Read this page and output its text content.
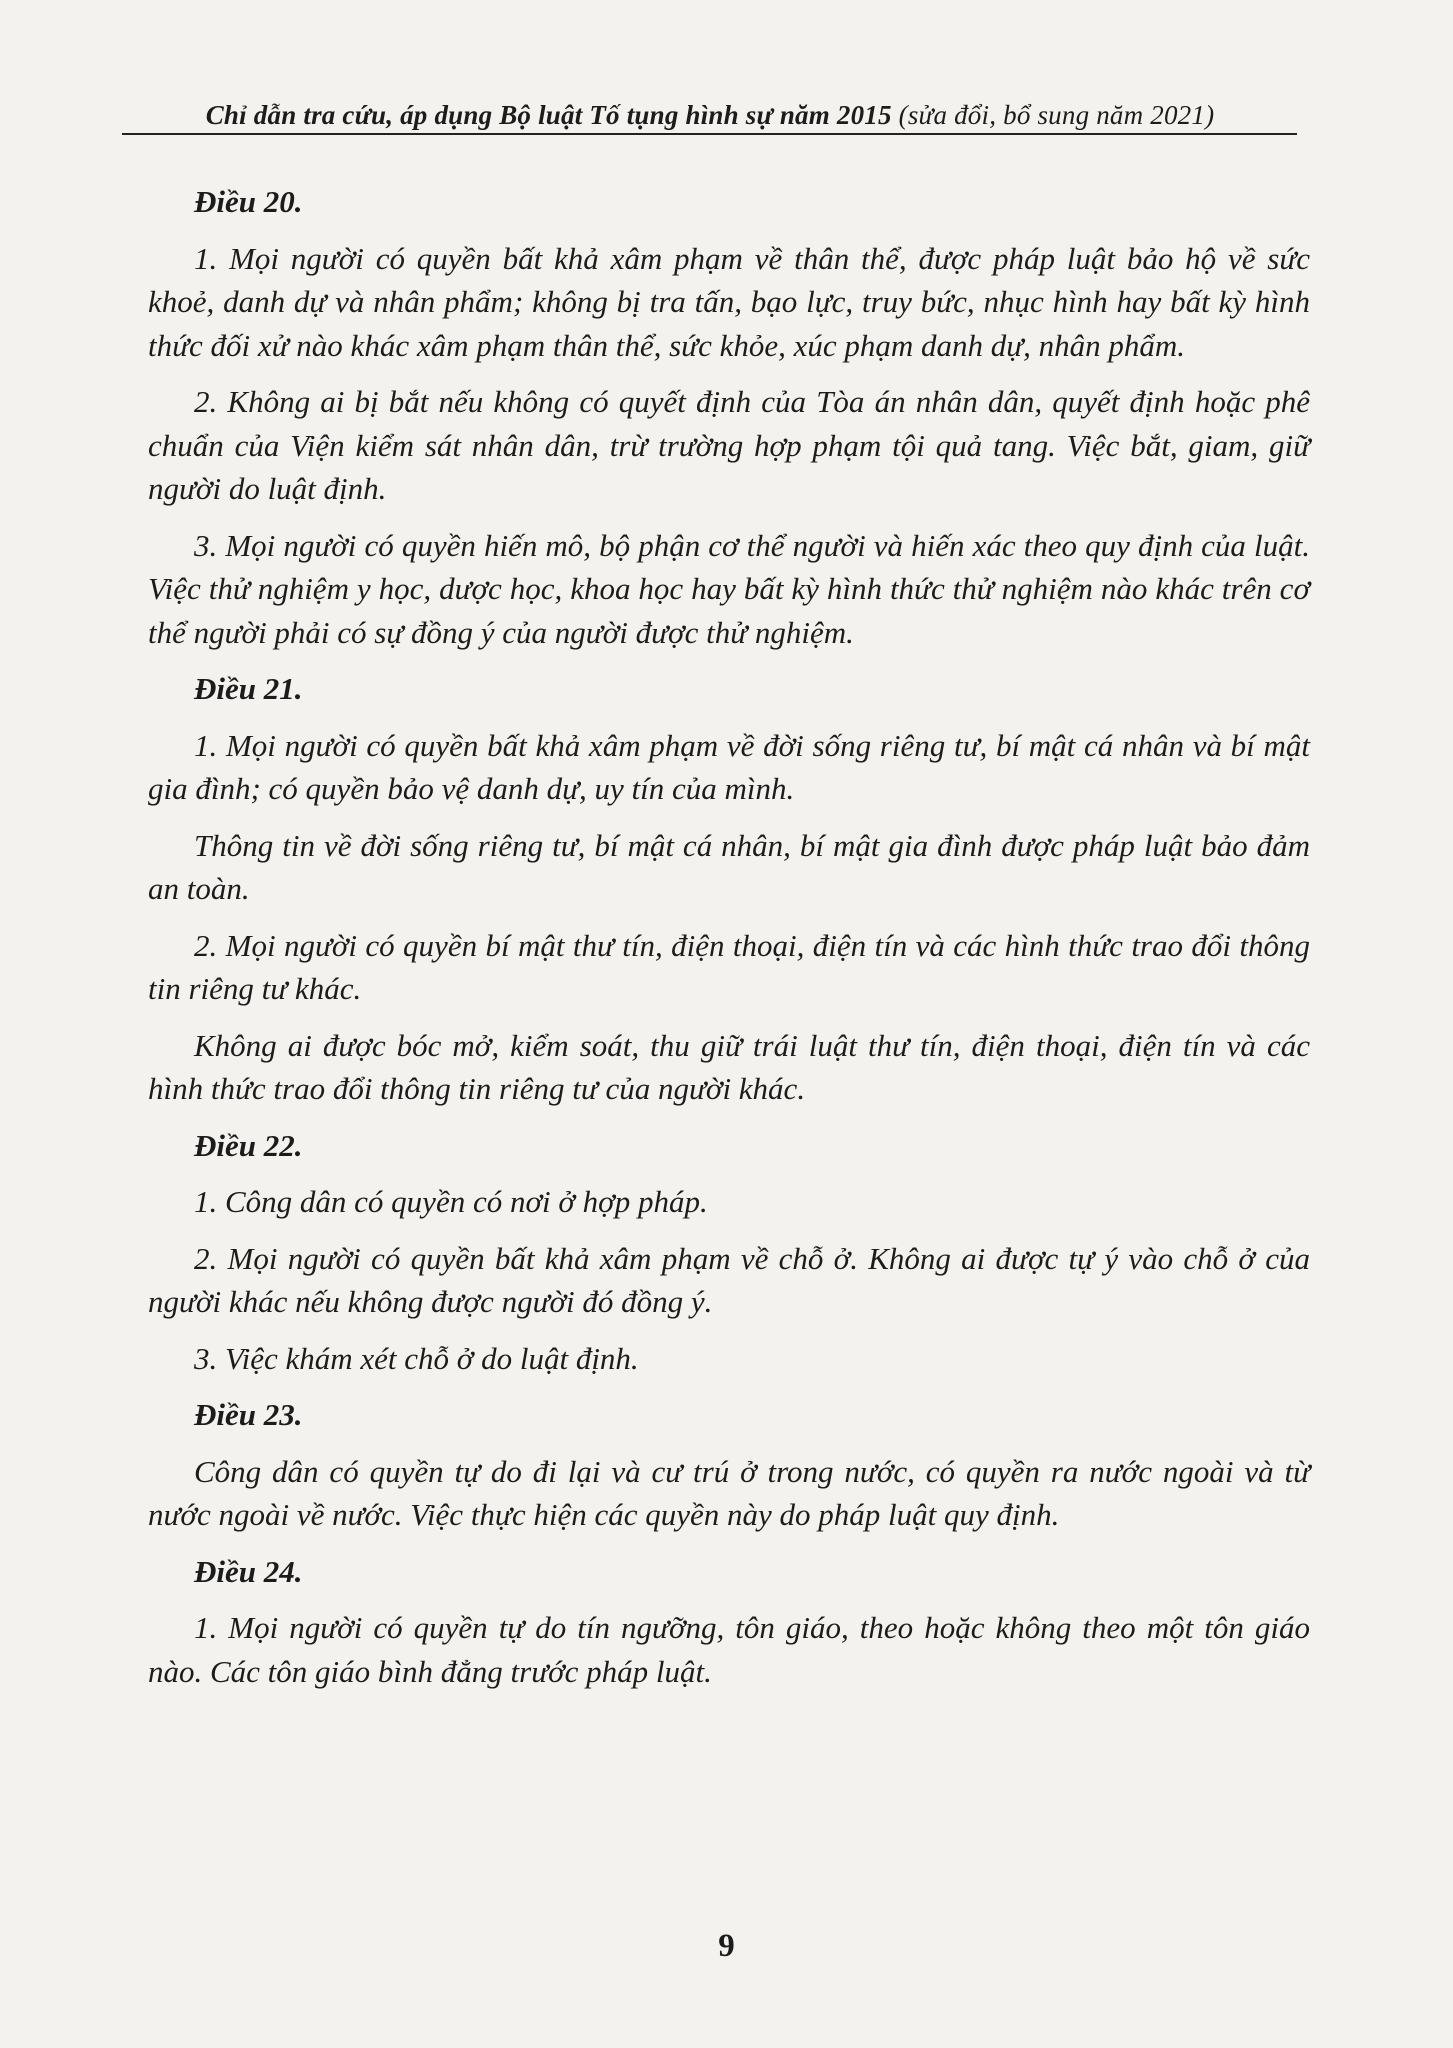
Chỉ dẫn tra cứu, áp dụng Bộ luật Tố tụng hình sự năm 2015 (sửa đổi, bổ sung năm 2021)
Điều 20.

1. Mọi người có quyền bất khả xâm phạm về thân thể, được pháp luật bảo hộ về sức khoẻ, danh dự và nhân phẩm; không bị tra tấn, bạo lực, truy bức, nhục hình hay bất kỳ hình thức đối xử nào khác xâm phạm thân thể, sức khỏe, xúc phạm danh dự, nhân phẩm.

2. Không ai bị bắt nếu không có quyết định của Tòa án nhân dân, quyết định hoặc phê chuẩn của Viện kiểm sát nhân dân, trừ trường hợp phạm tội quả tang. Việc bắt, giam, giữ người do luật định.

3. Mọi người có quyền hiến mô, bộ phận cơ thể người và hiến xác theo quy định của luật. Việc thử nghiệm y học, dược học, khoa học hay bất kỳ hình thức thử nghiệm nào khác trên cơ thể người phải có sự đồng ý của người được thử nghiệm.

Điều 21.

1. Mọi người có quyền bất khả xâm phạm về đời sống riêng tư, bí mật cá nhân và bí mật gia đình; có quyền bảo vệ danh dự, uy tín của mình.

Thông tin về đời sống riêng tư, bí mật cá nhân, bí mật gia đình được pháp luật bảo đảm an toàn.

2. Mọi người có quyền bí mật thư tín, điện thoại, điện tín và các hình thức trao đổi thông tin riêng tư khác.

Không ai được bóc mở, kiểm soát, thu giữ trái luật thư tín, điện thoại, điện tín và các hình thức trao đổi thông tin riêng tư của người khác.

Điều 22.

1. Công dân có quyền có nơi ở hợp pháp.

2. Mọi người có quyền bất khả xâm phạm về chỗ ở. Không ai được tự ý vào chỗ ở của người khác nếu không được người đó đồng ý.

3. Việc khám xét chỗ ở do luật định.

Điều 23.

Công dân có quyền tự do đi lại và cư trú ở trong nước, có quyền ra nước ngoài và từ nước ngoài về nước. Việc thực hiện các quyền này do pháp luật quy định.

Điều 24.

1. Mọi người có quyền tự do tín ngưỡng, tôn giáo, theo hoặc không theo một tôn giáo nào. Các tôn giáo bình đẳng trước pháp luật.

9
